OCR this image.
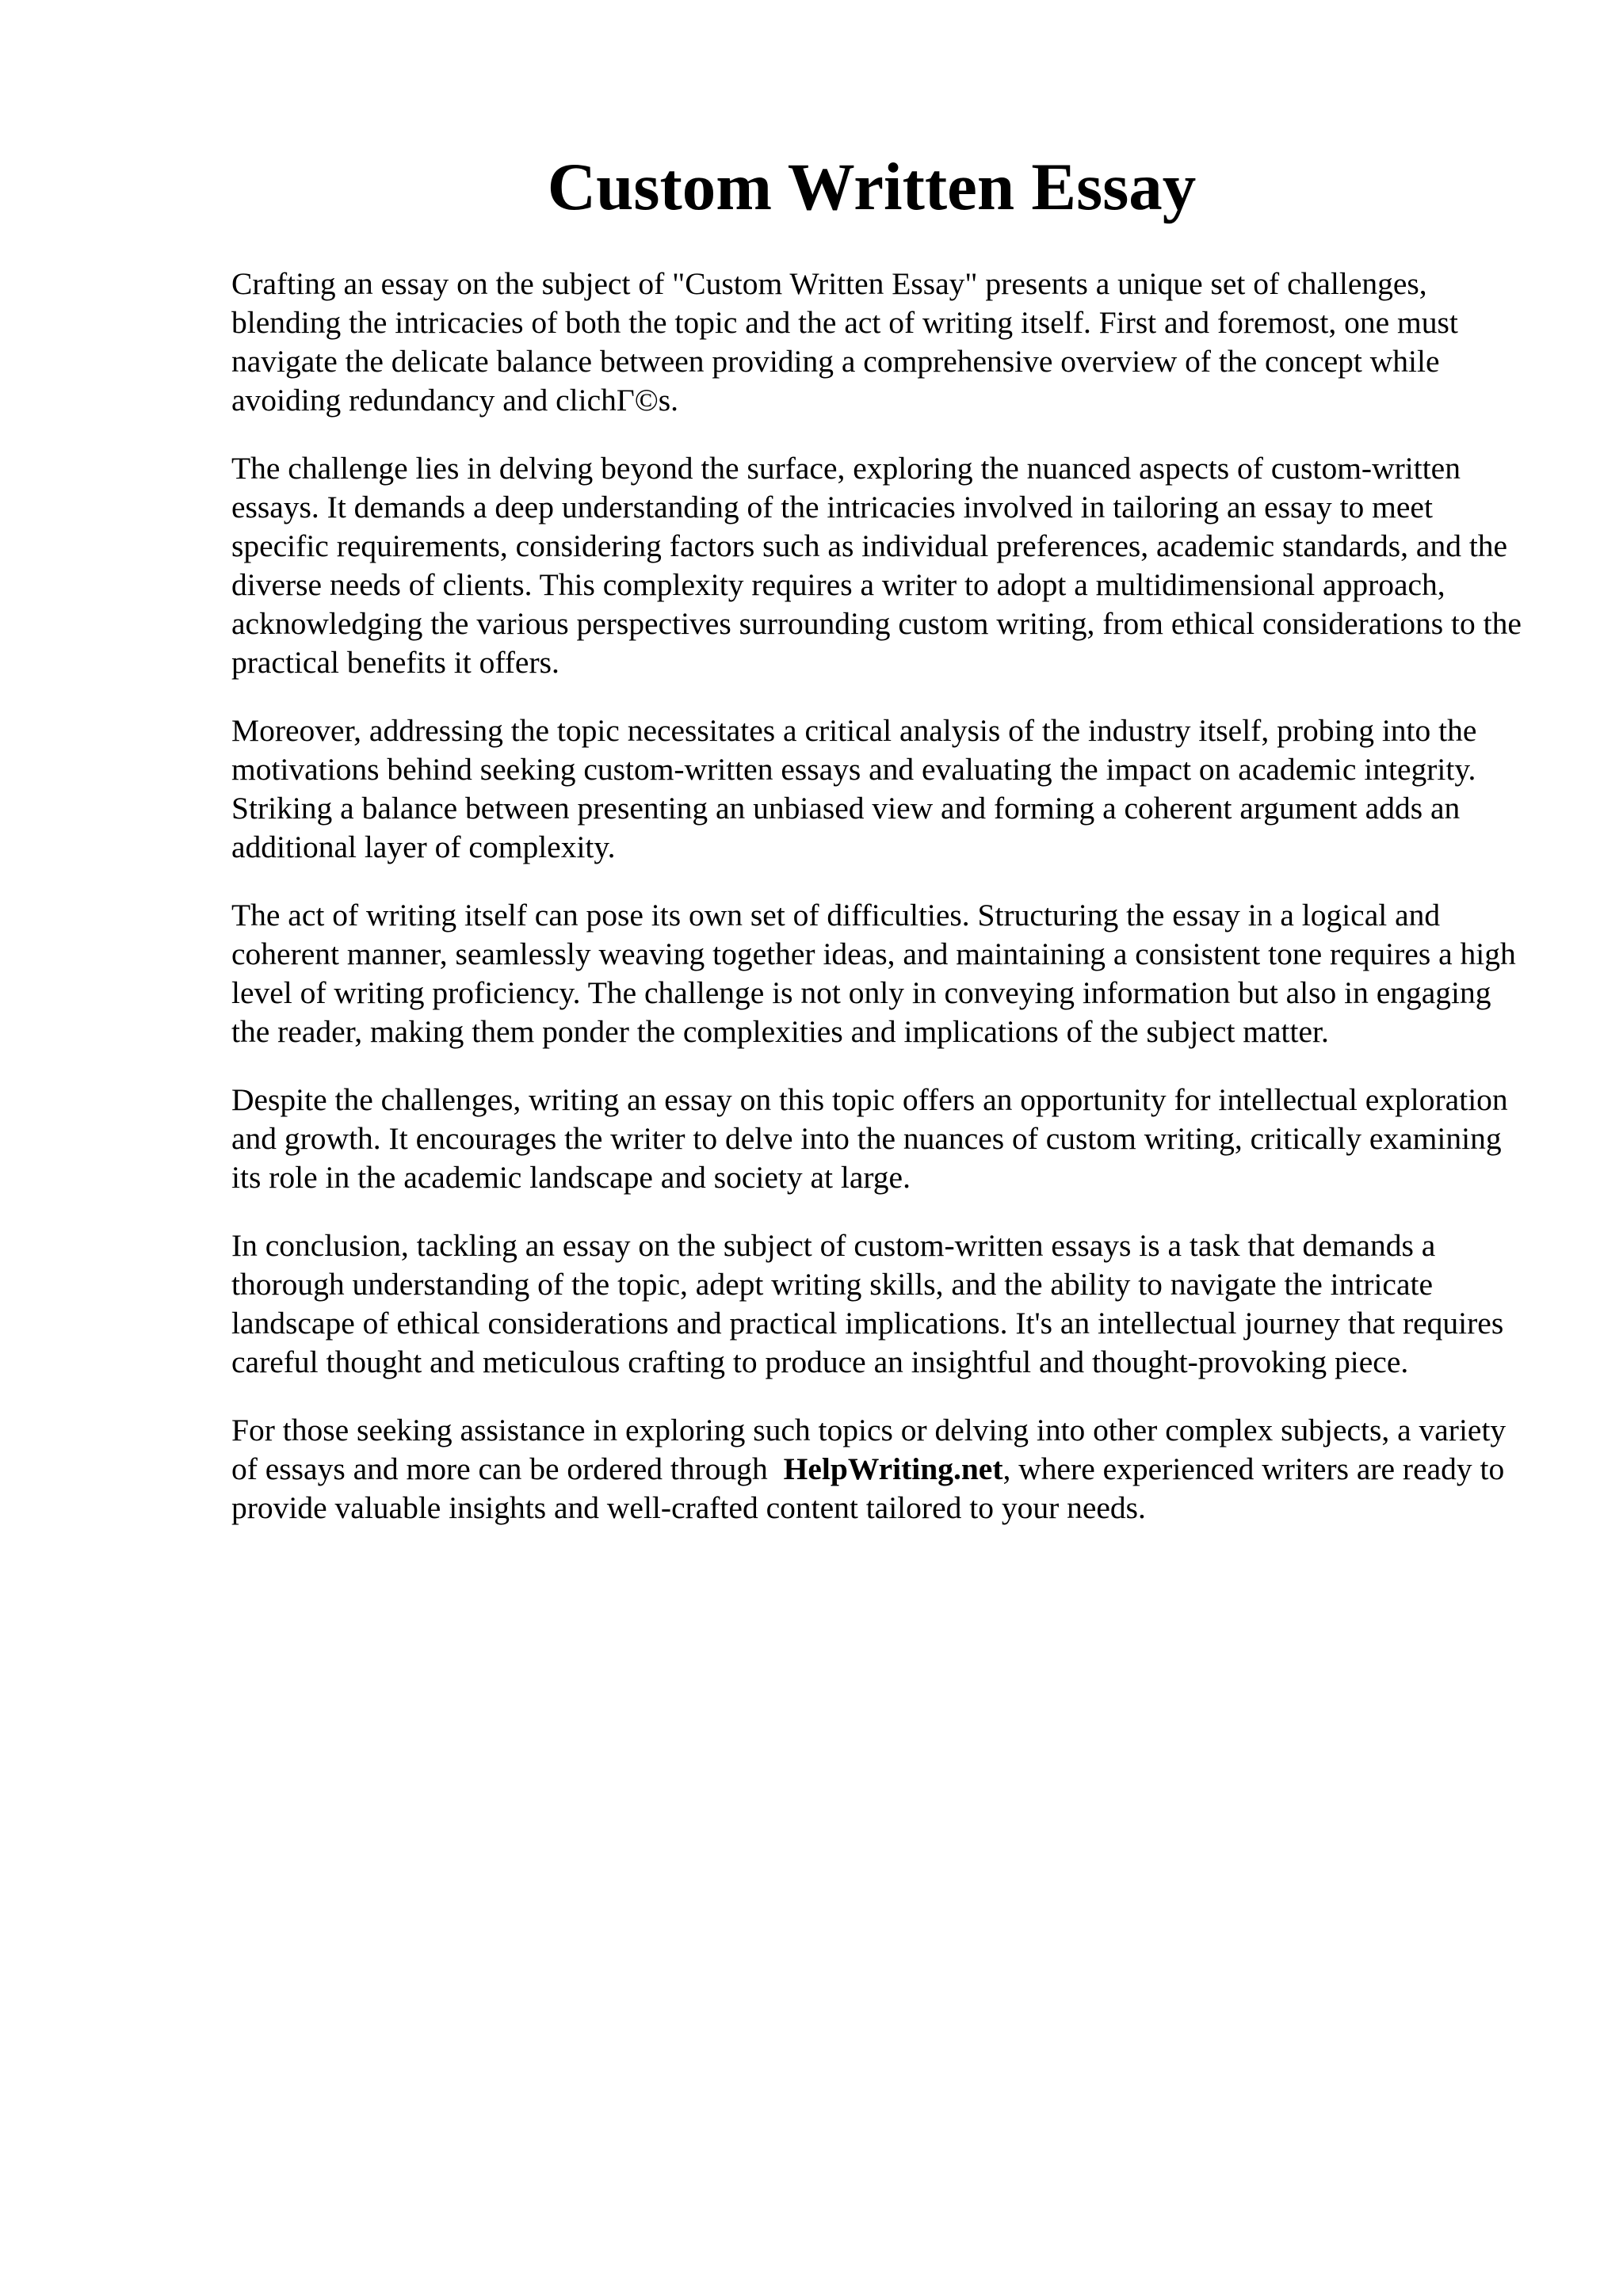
Custom Written Essay

Crafting an essay on the subject of "Custom Written Essay" presents a unique set of challenges, blending the intricacies of both the topic and the act of writing itself. First and foremost, one must navigate the delicate balance between providing a comprehensive overview of the concept while avoiding redundancy and clichГ©s.

The challenge lies in delving beyond the surface, exploring the nuanced aspects of custom-written essays. It demands a deep understanding of the intricacies involved in tailoring an essay to meet specific requirements, considering factors such as individual preferences, academic standards, and the diverse needs of clients. This complexity requires a writer to adopt a multidimensional approach, acknowledging the various perspectives surrounding custom writing, from ethical considerations to the practical benefits it offers.

Moreover, addressing the topic necessitates a critical analysis of the industry itself, probing into the motivations behind seeking custom-written essays and evaluating the impact on academic integrity. Striking a balance between presenting an unbiased view and forming a coherent argument adds an additional layer of complexity.

The act of writing itself can pose its own set of difficulties. Structuring the essay in a logical and coherent manner, seamlessly weaving together ideas, and maintaining a consistent tone requires a high level of writing proficiency. The challenge is not only in conveying information but also in engaging the reader, making them ponder the complexities and implications of the subject matter.

Despite the challenges, writing an essay on this topic offers an opportunity for intellectual exploration and growth. It encourages the writer to delve into the nuances of custom writing, critically examining its role in the academic landscape and society at large.

In conclusion, tackling an essay on the subject of custom-written essays is a task that demands a thorough understanding of the topic, adept writing skills, and the ability to navigate the intricate landscape of ethical considerations and practical implications. It's an intellectual journey that requires careful thought and meticulous crafting to produce an insightful and thought-provoking piece.

For those seeking assistance in exploring such topics or delving into other complex subjects, a variety of essays and more can be ordered through HelpWriting.net, where experienced writers are ready to provide valuable insights and well-crafted content tailored to your needs.
